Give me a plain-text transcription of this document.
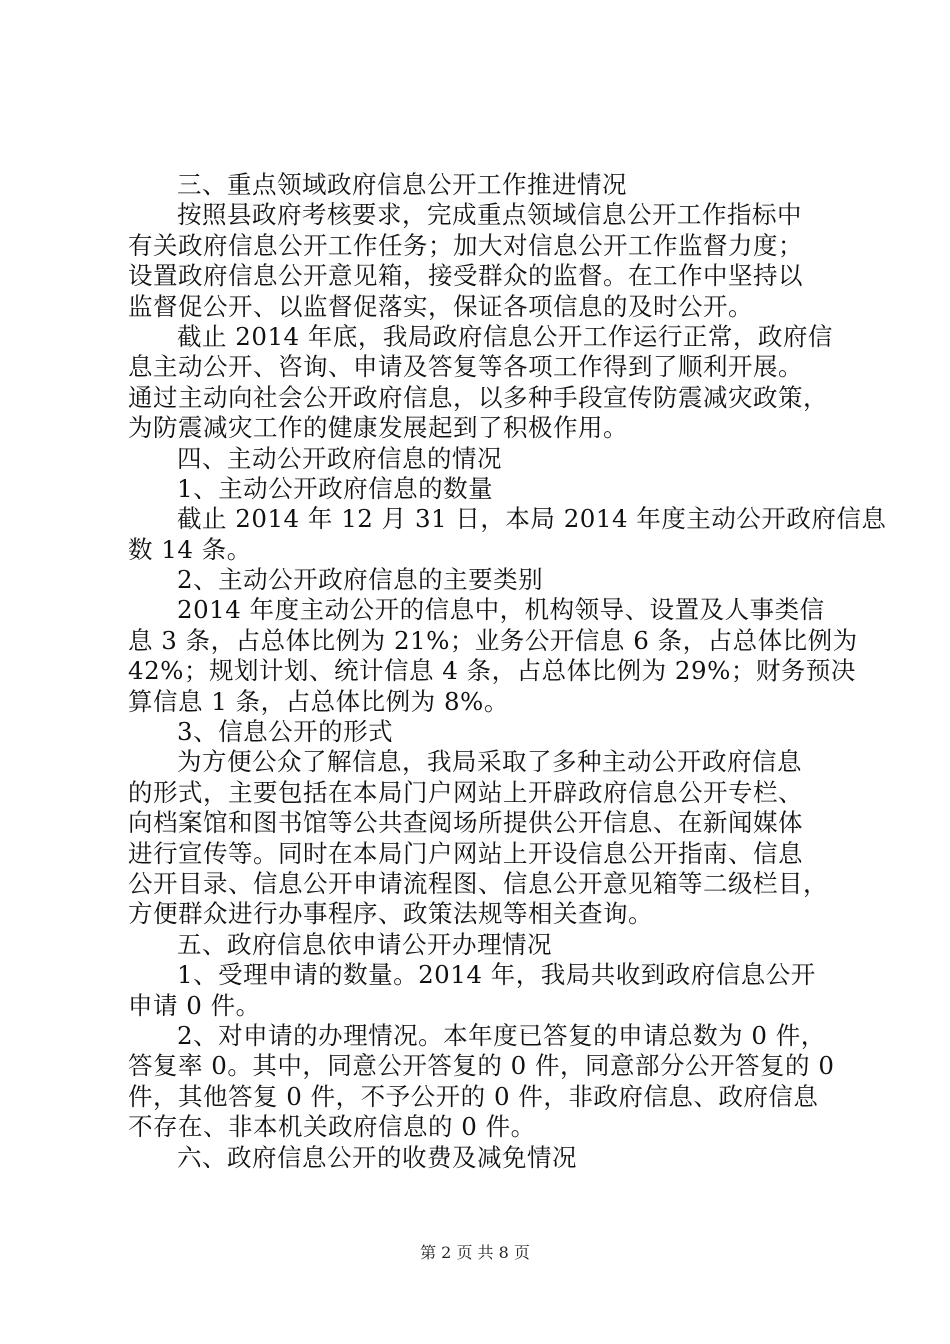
三、重点领域政府信息公开工作推进情况
按照县政府考核要求，完成重点领域信息公开工作指标中
有关政府信息公开工作任务；加大对信息公开工作监督力度；
设置政府信息公开意见箱，接受群众的监督。在工作中坚持以
监督促公开、以监督促落实，保证各项信息的及时公开。
截止 2014 年底，我局政府信息公开工作运行正常，政府信
息主动公开、咨询、申请及答复等各项工作得到了顺利开展。
通过主动向社会公开政府信息，以多种手段宣传防震减灾政策，
为防震减灾工作的健康发展起到了积极作用。
四、主动公开政府信息的情况
1、主动公开政府信息的数量
截止 2014 年 12 月 31 日，本局 2014 年度主动公开政府信息
数 14 条。
2、主动公开政府信息的主要类别
2014 年度主动公开的信息中，机构领导、设置及人事类信
息 3 条，占总体比例为 21%；业务公开信息 6 条，占总体比例为
42%；规划计划、统计信息 4 条，占总体比例为 29%；财务预决
算信息 1 条，占总体比例为 8%。
3、信息公开的形式
为方便公众了解信息，我局采取了多种主动公开政府信息
的形式，主要包括在本局门户网站上开辟政府信息公开专栏、
向档案馆和图书馆等公共查阅场所提供公开信息、在新闻媒体
进行宣传等。同时在本局门户网站上开设信息公开指南、信息
公开目录、信息公开申请流程图、信息公开意见箱等二级栏目，
方便群众进行办事程序、政策法规等相关查询。
五、政府信息依申请公开办理情况
1、受理申请的数量。2014 年，我局共收到政府信息公开
申请 0 件。
2、对申请的办理情况。本年度已答复的申请总数为 0 件，
答复率 0。其中，同意公开答复的 0 件，同意部分公开答复的 0
件，其他答复 0 件，不予公开的 0 件，非政府信息、政府信息
不存在、非本机关政府信息的 0 件。
六、政府信息公开的收费及减免情况
第 2 页 共 8 页
